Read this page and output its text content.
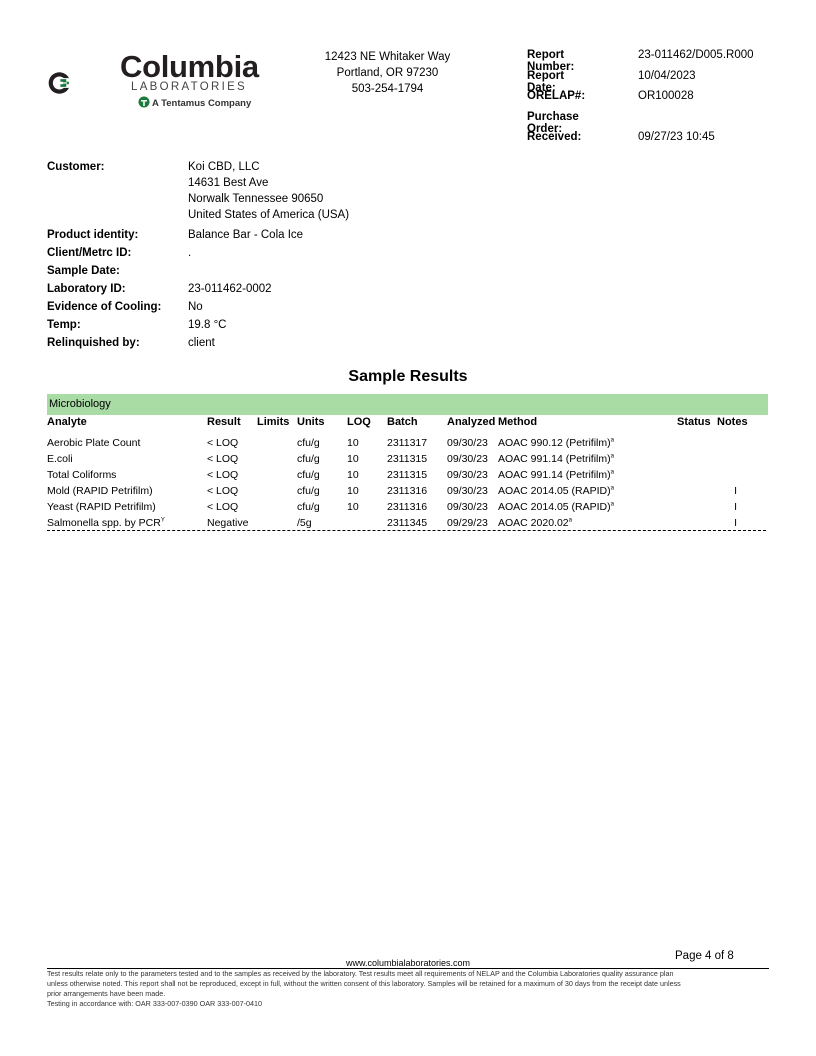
Columbia
LABORATORIES
A Tentamus Company
12423 NE Whitaker Way
Portland, OR 97230
503-254-1794
Report Number:
23-011462/D005.R000
Report Date:
10/04/2023
ORELAP#:	OR100028
Purchase Order:
Received:	09/27/23 10:45
Customer:	Koi CBD, LLC
14631 Best Ave
Norwalk Tennessee 90650
United States of America (USA)
Product identity:	Balance Bar - Cola Ice
Client/Metrc ID:	.
Sample Date:
Laboratory ID:	23-011462-0002
Evidence of Cooling: No
Temp:	19.8 °C
Relinquished by:	client
Sample Results
Microbiology
Analyte	Result Limits Units LOQ Batch	Analyzed Method	Status Notes
Aerobic Plate Count	< LOQ	cfu/g	10	2311317 09/30/23 AOAC 990.12 (Petrifilm)$^a$
E.coli	< LOQ	cfu/g	10	2311315 09/30/23 AOAC 991.14 (Petrifilm)$^a$
Total Coliforms	< LOQ	cfu/g	10	2311315 09/30/23 AOAC 991.14 (Petrifilm)$^a$
Mold (RAPID Petrifilm)	< LOQ	cfu/g	10	2311316 09/30/23 AOAC 2014.05 (RAPID)$^a$	I
Yeast (RAPID Petrifilm)	< LOQ	cfu/g	10	2311316 09/30/23 AOAC 2014.05 (RAPID)$^a$	I
Salmonella spp. by $PCR^Y$	Negative	/5g	2311345 09/29/23 AOAC 2020.02$^a$	I
Page 4 of 8
www.columbialaboratories.com
Test results relate only to the parameters tested and to the samples as received by the laboratory. Test results meet all requirements of NELAP and the Columbia Laboratories quality assurance plan
unless otherwise noted. This report shall not be reproduced, except in full, without the written consent of this laboratory. Samples will be retained for a maximum of 30 days from the receipt date unless
prior arrangements have been made.
Testing in accordance with: OAR 333-007-0390 OAR 333-007-0410
